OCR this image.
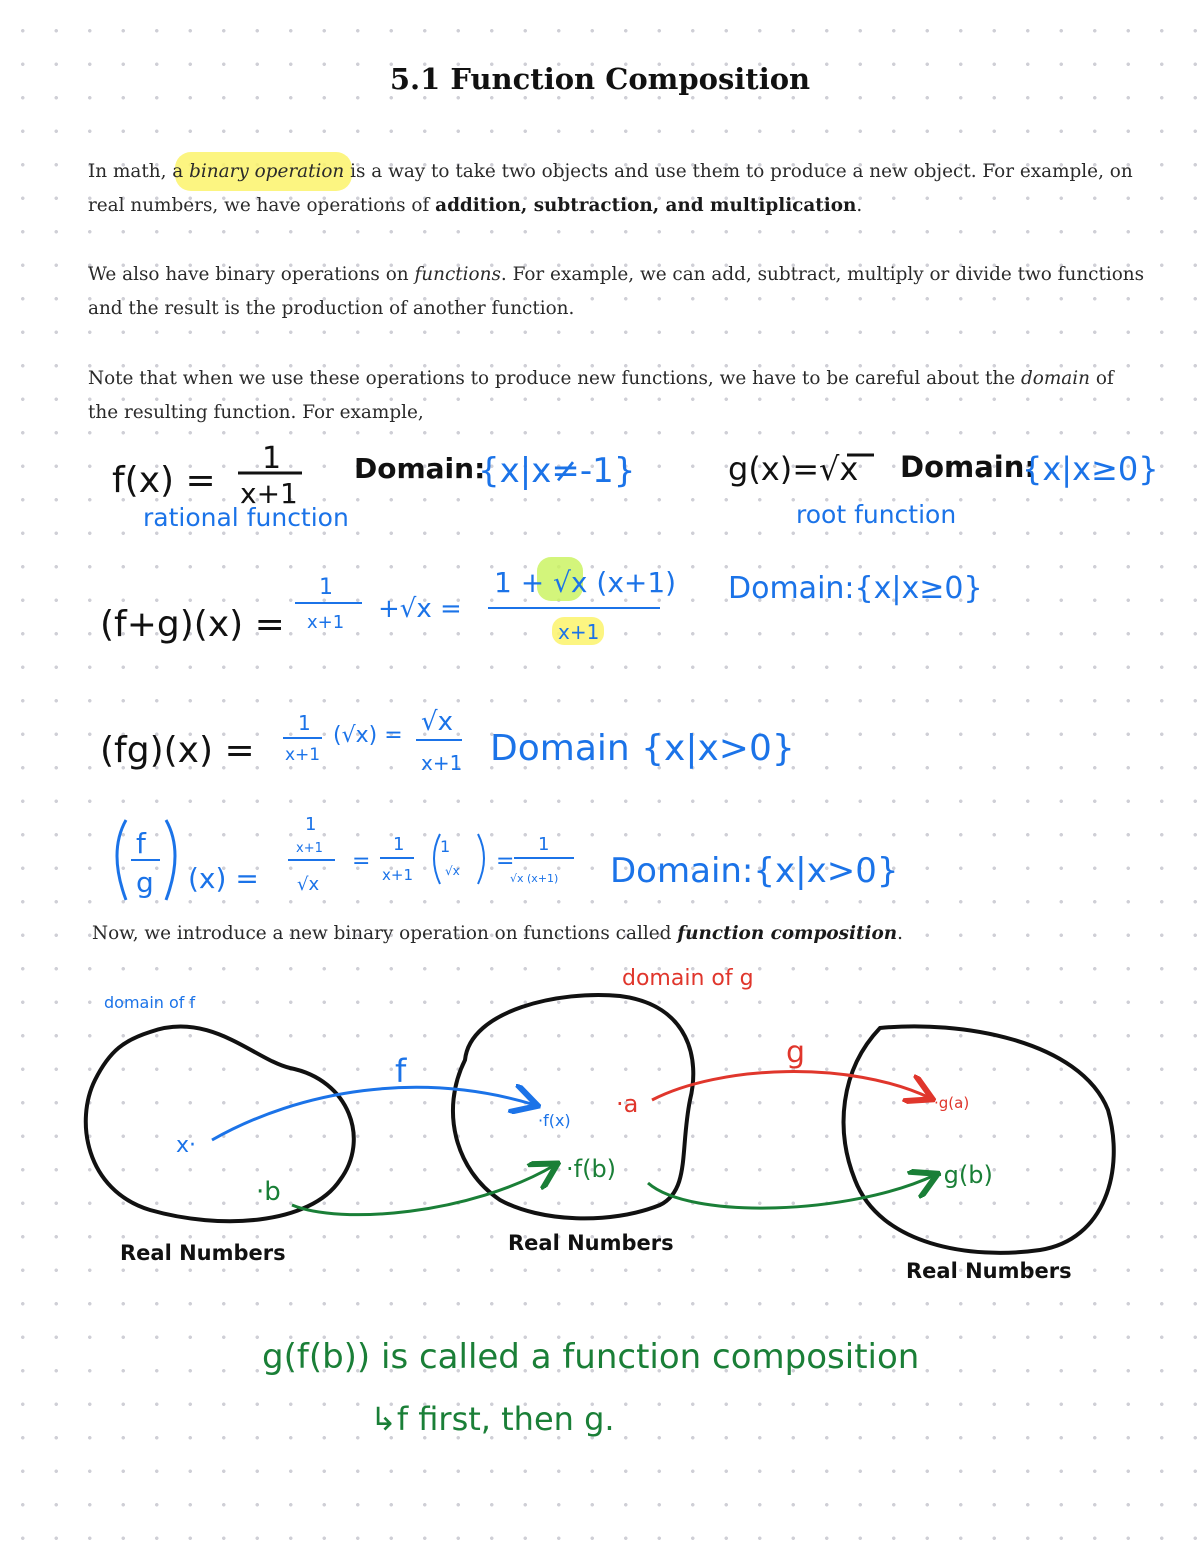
5.1 Function Composition
In math, a binary operation is a way to take two objects and use them to produce a new object. For example, on real numbers, we have operations of addition, subtraction, and multiplication.
We also have binary operations on functions. For example, we can add, subtract, multiply or divide two functions and the result is the production of another function.
Note that when we use these operations to produce new functions, we have to be careful about the domain of the resulting function. For example,
Now, we introduce a new binary operation on functions called function composition.
f(x) =
1
x+1
Domain:
{x|x≠-1}
rational function
g(x)=√x Domain:
{x|x≥0}
root function
(f+g)(x) =
1
x+1 +√x =
1 + √x (x+1)
x+1
Domain:{x|x≥0}
(fg)(x) =
1
x+1
(√x) = √x
x+1 Domain {x|x>0}
f
g (x) =
1
x+1
√x
=
1
x+1
1
√x =
1
√x (x+1) Domain:{x|x>0}
domain of f
domain of g
f	g
x·
·b
·f(x)
·f(b)
·a	·g(a)
·g(b)
Real Numbers	Real Numbers
Real Numbers
g(f(b)) is called a function composition
↳f first, then g.
